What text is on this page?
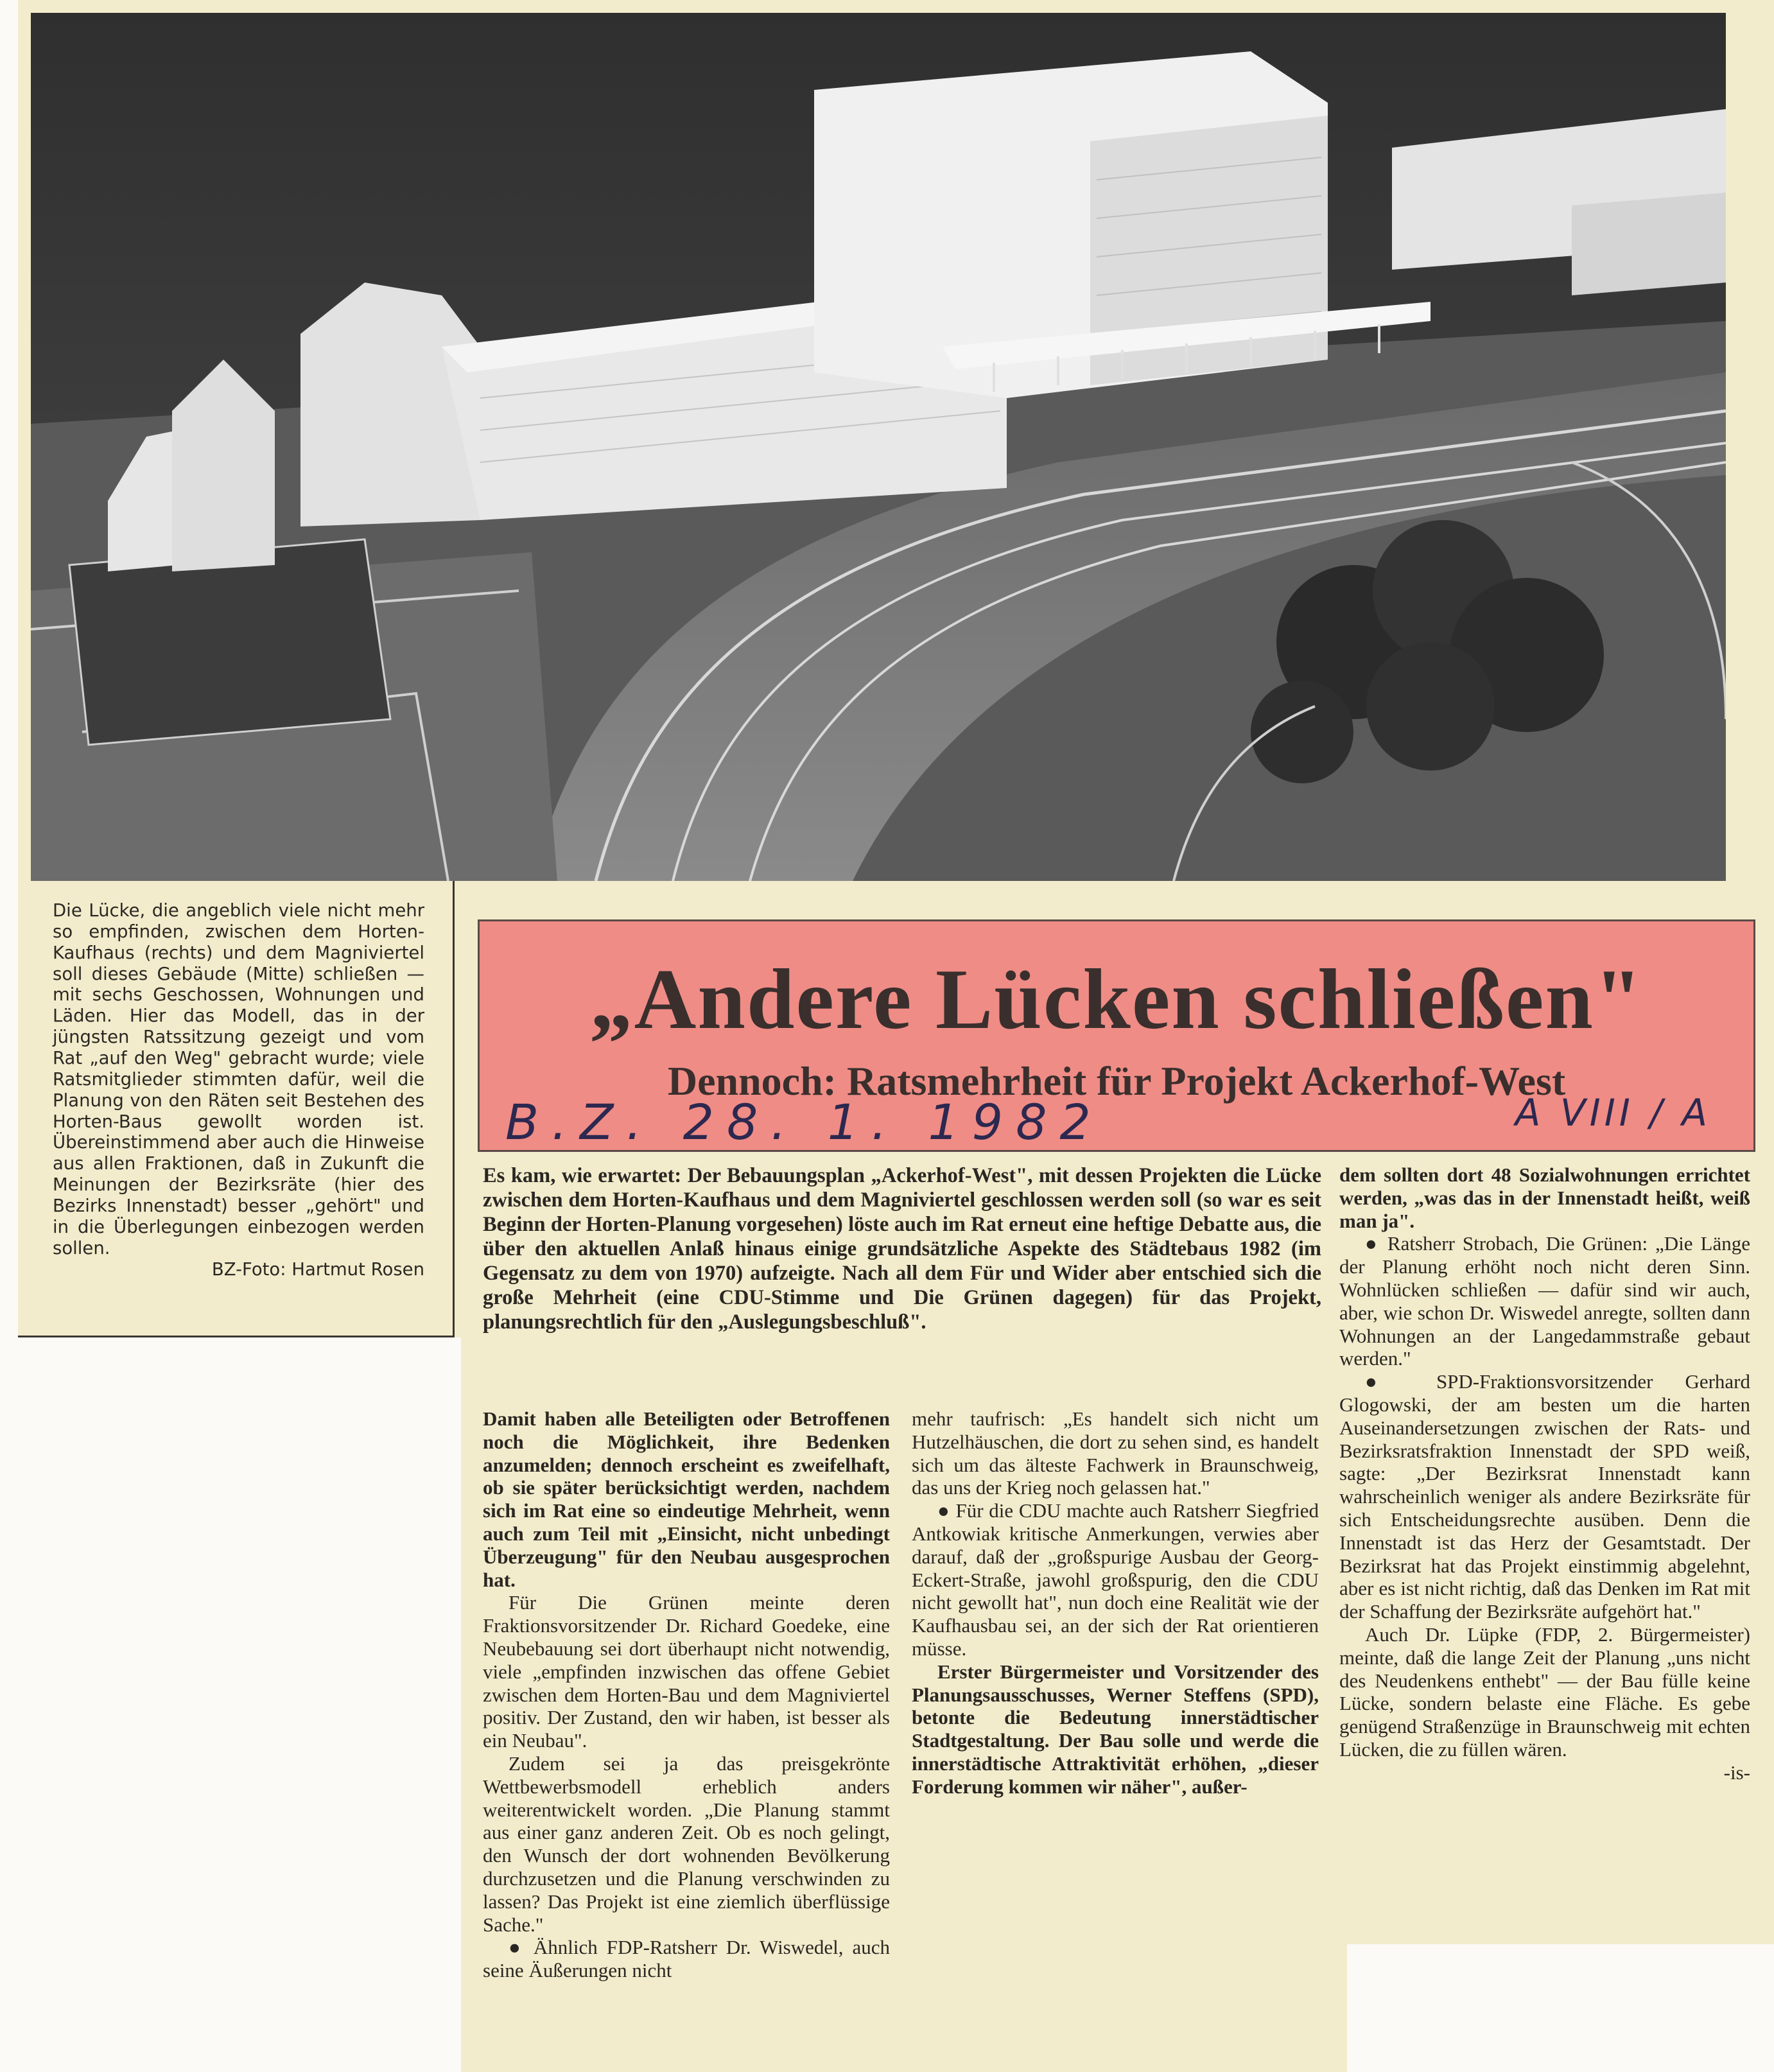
Die Lücke, die angeblich viele nicht mehr so empfinden, zwischen dem Horten-Kaufhaus (rechts) und dem Magniviertel soll dieses Gebäude (Mitte) schließen — mit sechs Geschossen, Wohnungen und Läden. Hier das Modell, das in der jüngsten Ratssitzung gezeigt und vom Rat „auf den Weg" gebracht wurde; viele Ratsmitglieder stimmten dafür, weil die Planung von den Räten seit Bestehen des Horten-Baus gewollt worden ist. Übereinstimmend aber auch die Hinweise aus allen Fraktionen, daß in Zukunft die Meinungen der Bezirksräte (hier des Bezirks Innenstadt) besser „gehört" und in die Überlegungen einbezogen werden sollen.

BZ-Foto: Hartmut Rosen

„Andere Lücken schließen"
Dennoch: Ratsmehrheit für Projekt Ackerhof-West
B.Z. 28. 1. 1982	A VIII / A

Es kam, wie erwartet: Der Bebauungsplan „Ackerhof-West", mit dessen Projekten die Lücke zwischen dem Horten-Kaufhaus und dem Magniviertel geschlossen werden soll (so war es seit Beginn der Horten-Planung vorgesehen) löste auch im Rat erneut eine heftige Debatte aus, die über den aktuellen Anlaß hinaus einige grundsätzliche Aspekte des Städtebaus 1982 (im Gegensatz zu dem von 1970) aufzeigte. Nach all dem Für und Wider aber entschied sich die große Mehrheit (eine CDU-Stimme und Die Grünen dagegen) für das Projekt, planungsrechtlich für den „Auslegungsbeschluß".

Damit haben alle Beteiligten oder Betroffenen noch die Möglichkeit, ihre Bedenken anzumelden; dennoch erscheint es zweifelhaft, ob sie später berücksichtigt werden, nachdem sich im Rat eine so eindeutige Mehrheit, wenn auch zum Teil mit „Einsicht, nicht unbedingt Überzeugung" für den Neubau ausgesprochen hat.

Für Die Grünen meinte deren Fraktionsvorsitzender Dr. Richard Goedeke, eine Neubebauung sei dort überhaupt nicht notwendig, viele „empfinden inzwischen das offene Gebiet zwischen dem Horten-Bau und dem Magniviertel positiv. Der Zustand, den wir haben, ist besser als ein Neubau".

Zudem sei ja das preisgekrönte Wettbewerbsmodell erheblich anders weiterentwickelt worden. „Die Planung stammt aus einer ganz anderen Zeit. Ob es noch gelingt, den Wunsch der dort wohnenden Bevölkerung durchzusetzen und die Planung verschwinden zu lassen? Das Projekt ist eine ziemlich überflüssige Sache."

● Ähnlich FDP-Ratsherr Dr. Wiswedel, auch seine Äußerungen nicht

mehr taufrisch: „Es handelt sich nicht um Hutzelhäuschen, die dort zu sehen sind, es handelt sich um das älteste Fachwerk in Braunschweig, das uns der Krieg noch gelassen hat."

● Für die CDU machte auch Ratsherr Siegfried Antkowiak kritische Anmerkungen, verwies aber darauf, daß der „großspurige Ausbau der Georg-Eckert-Straße, jawohl großspurig, den die CDU nicht gewollt hat", nun doch eine Realität wie der Kaufhausbau sei, an der sich der Rat orientieren müsse.

Erster Bürgermeister und Vorsitzender des Planungsausschusses, Werner Steffens (SPD), betonte die Bedeutung innerstädtischer Stadtgestaltung. Der Bau solle und werde die innerstädtische Attraktivität erhöhen, „dieser Forderung kommen wir näher", außer-

dem sollten dort 48 Sozialwohnungen errichtet werden, „was das in der Innenstadt heißt, weiß man ja".

● Ratsherr Strobach, Die Grünen: „Die Länge der Planung erhöht noch nicht deren Sinn. Wohnlücken schließen — dafür sind wir auch, aber, wie schon Dr. Wiswedel anregte, sollten dann Wohnungen an der Langedammstraße gebaut werden."

● SPD-Fraktionsvorsitzender Gerhard Glogowski, der am besten um die harten Auseinandersetzungen zwischen der Rats- und Bezirksratsfraktion Innenstadt der SPD weiß, sagte: „Der Bezirksrat Innenstadt kann wahrscheinlich weniger als andere Bezirksräte für sich Entscheidungsrechte ausüben. Denn die Innenstadt ist das Herz der Gesamtstadt. Der Bezirksrat hat das Projekt einstimmig abgelehnt, aber es ist nicht richtig, daß das Denken im Rat mit der Schaffung der Bezirksräte aufgehört hat."

Auch Dr. Lüpke (FDP, 2. Bürgermeister) meinte, daß die lange Zeit der Planung „uns nicht des Neudenkens enthebt" — der Bau fülle keine Lücke, sondern belaste eine Fläche. Es gebe genügend Straßenzüge in Braunschweig mit echten Lücken, die zu füllen wären.

-is-
